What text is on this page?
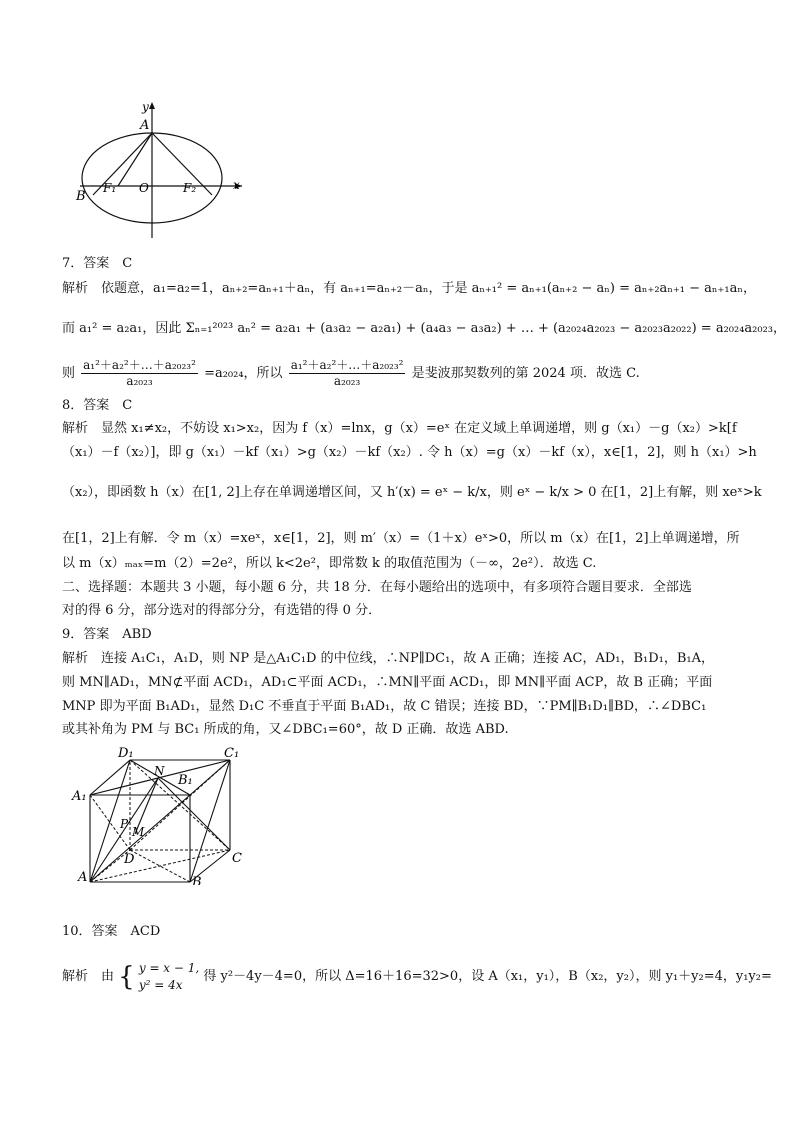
y
A
B
F₁ O	F₂	x
7．答案　C
解析　依题意，a₁=a₂=1，aₙ₊₂=aₙ₊₁＋aₙ，有 aₙ₊₁=aₙ₊₂－aₙ，于是 aₙ₊₁² = aₙ₊₁(aₙ₊₂ − aₙ) = aₙ₊₂aₙ₊₁ − aₙ₊₁aₙ，
而 a₁² = a₂a₁，因此 Σₙ₌₁²⁰²³ aₙ² = a₂a₁ + (a₃a₂ − a₂a₁) + (a₄a₃ − a₃a₂) + … + (a₂₀₂₄a₂₀₂₃ − a₂₀₂₃a₂₀₂₂) = a₂₀₂₄a₂₀₂₃，
则 $\frac{\text{a₁²＋a₂²＋…＋a₂₀₂₃²}}{\text{a₂₀₂₃}} =a_{2024}$，所以 $\frac{\text{a₁²＋a₂²＋…＋a₂₀₂₃²}}{\text{a₂₀₂₃}}$ 是斐波那契数列的第 2024 项．故选 C.
8．答案　C
解析　显然 x₁≠x₂，不妨设 x₁>x₂，因为 f（x）=lnx，g（x）=eˣ 在定义域上单调递增，则 g（x₁）－g（x₂）>k[f
（x₁）－f（x₂）]，即 g（x₁）－kf（x₁）>g（x₂）－kf（x₂）. 令 h（x）=g（x）－kf（x），x∈[1，2]，则 h（x₁）>h
（x₂），即函数 h（x）在[1, 2]上存在单调递增区间，又 h′(x) = eˣ − k/x，则 eˣ − k/x > 0 在[1，2]上有解，则 xeˣ>k
在[1，2]上有解．令 m（x）=xeˣ，x∈[1，2]，则 m′（x）=（1＋x）eˣ>0，所以 m（x）在[1，2]上单调递增，所
以 m（x）ₘₐₓ=m（2）=2e²，所以 k<2e²，即常数 k 的取值范围为（－∞，2e²）．故选 C.
二、选择题：本题共 3 小题，每小题 6 分，共 18 分．在每小题给出的选项中，有多项符合题目要求．全部选
对的得 6 分，部分选对的得部分分，有选错的得 0 分．
9．答案　ABD
解析　连接 A₁C₁，A₁D，则 NP 是△A₁C₁D 的中位线，∴NP∥DC₁，故 A 正确；连接 AC，AD₁，B₁D₁，B₁A，
则 MN∥AD₁，MN⊄平面 ACD₁，AD₁⊂平面 ACD₁，∴MN∥平面 ACD₁，即 MN∥平面 ACP，故 B 正确；平面
MNP 即为平面 B₁AD₁，显然 D₁C 不垂直于平面 B₁AD₁，故 C 错误；连接 BD，∵PM∥B₁D₁∥BD，∴∠DBC₁
或其补角为 PM 与 BC₁ 所成的角，又∠DBC₁=60°，故 D 正确．故选 ABD.
D₁	C₁
N
B₁
A₁
P
M
D	C
A	B
10．答案　ACD
解析　由 { y = x − 1,
y² = 4x
得 y²－4y－4=0，所以 Δ=16＋16=32>0，设 A（x₁，y₁），B（x₂，y₂），则 y₁＋y₂=4，y₁y₂=
